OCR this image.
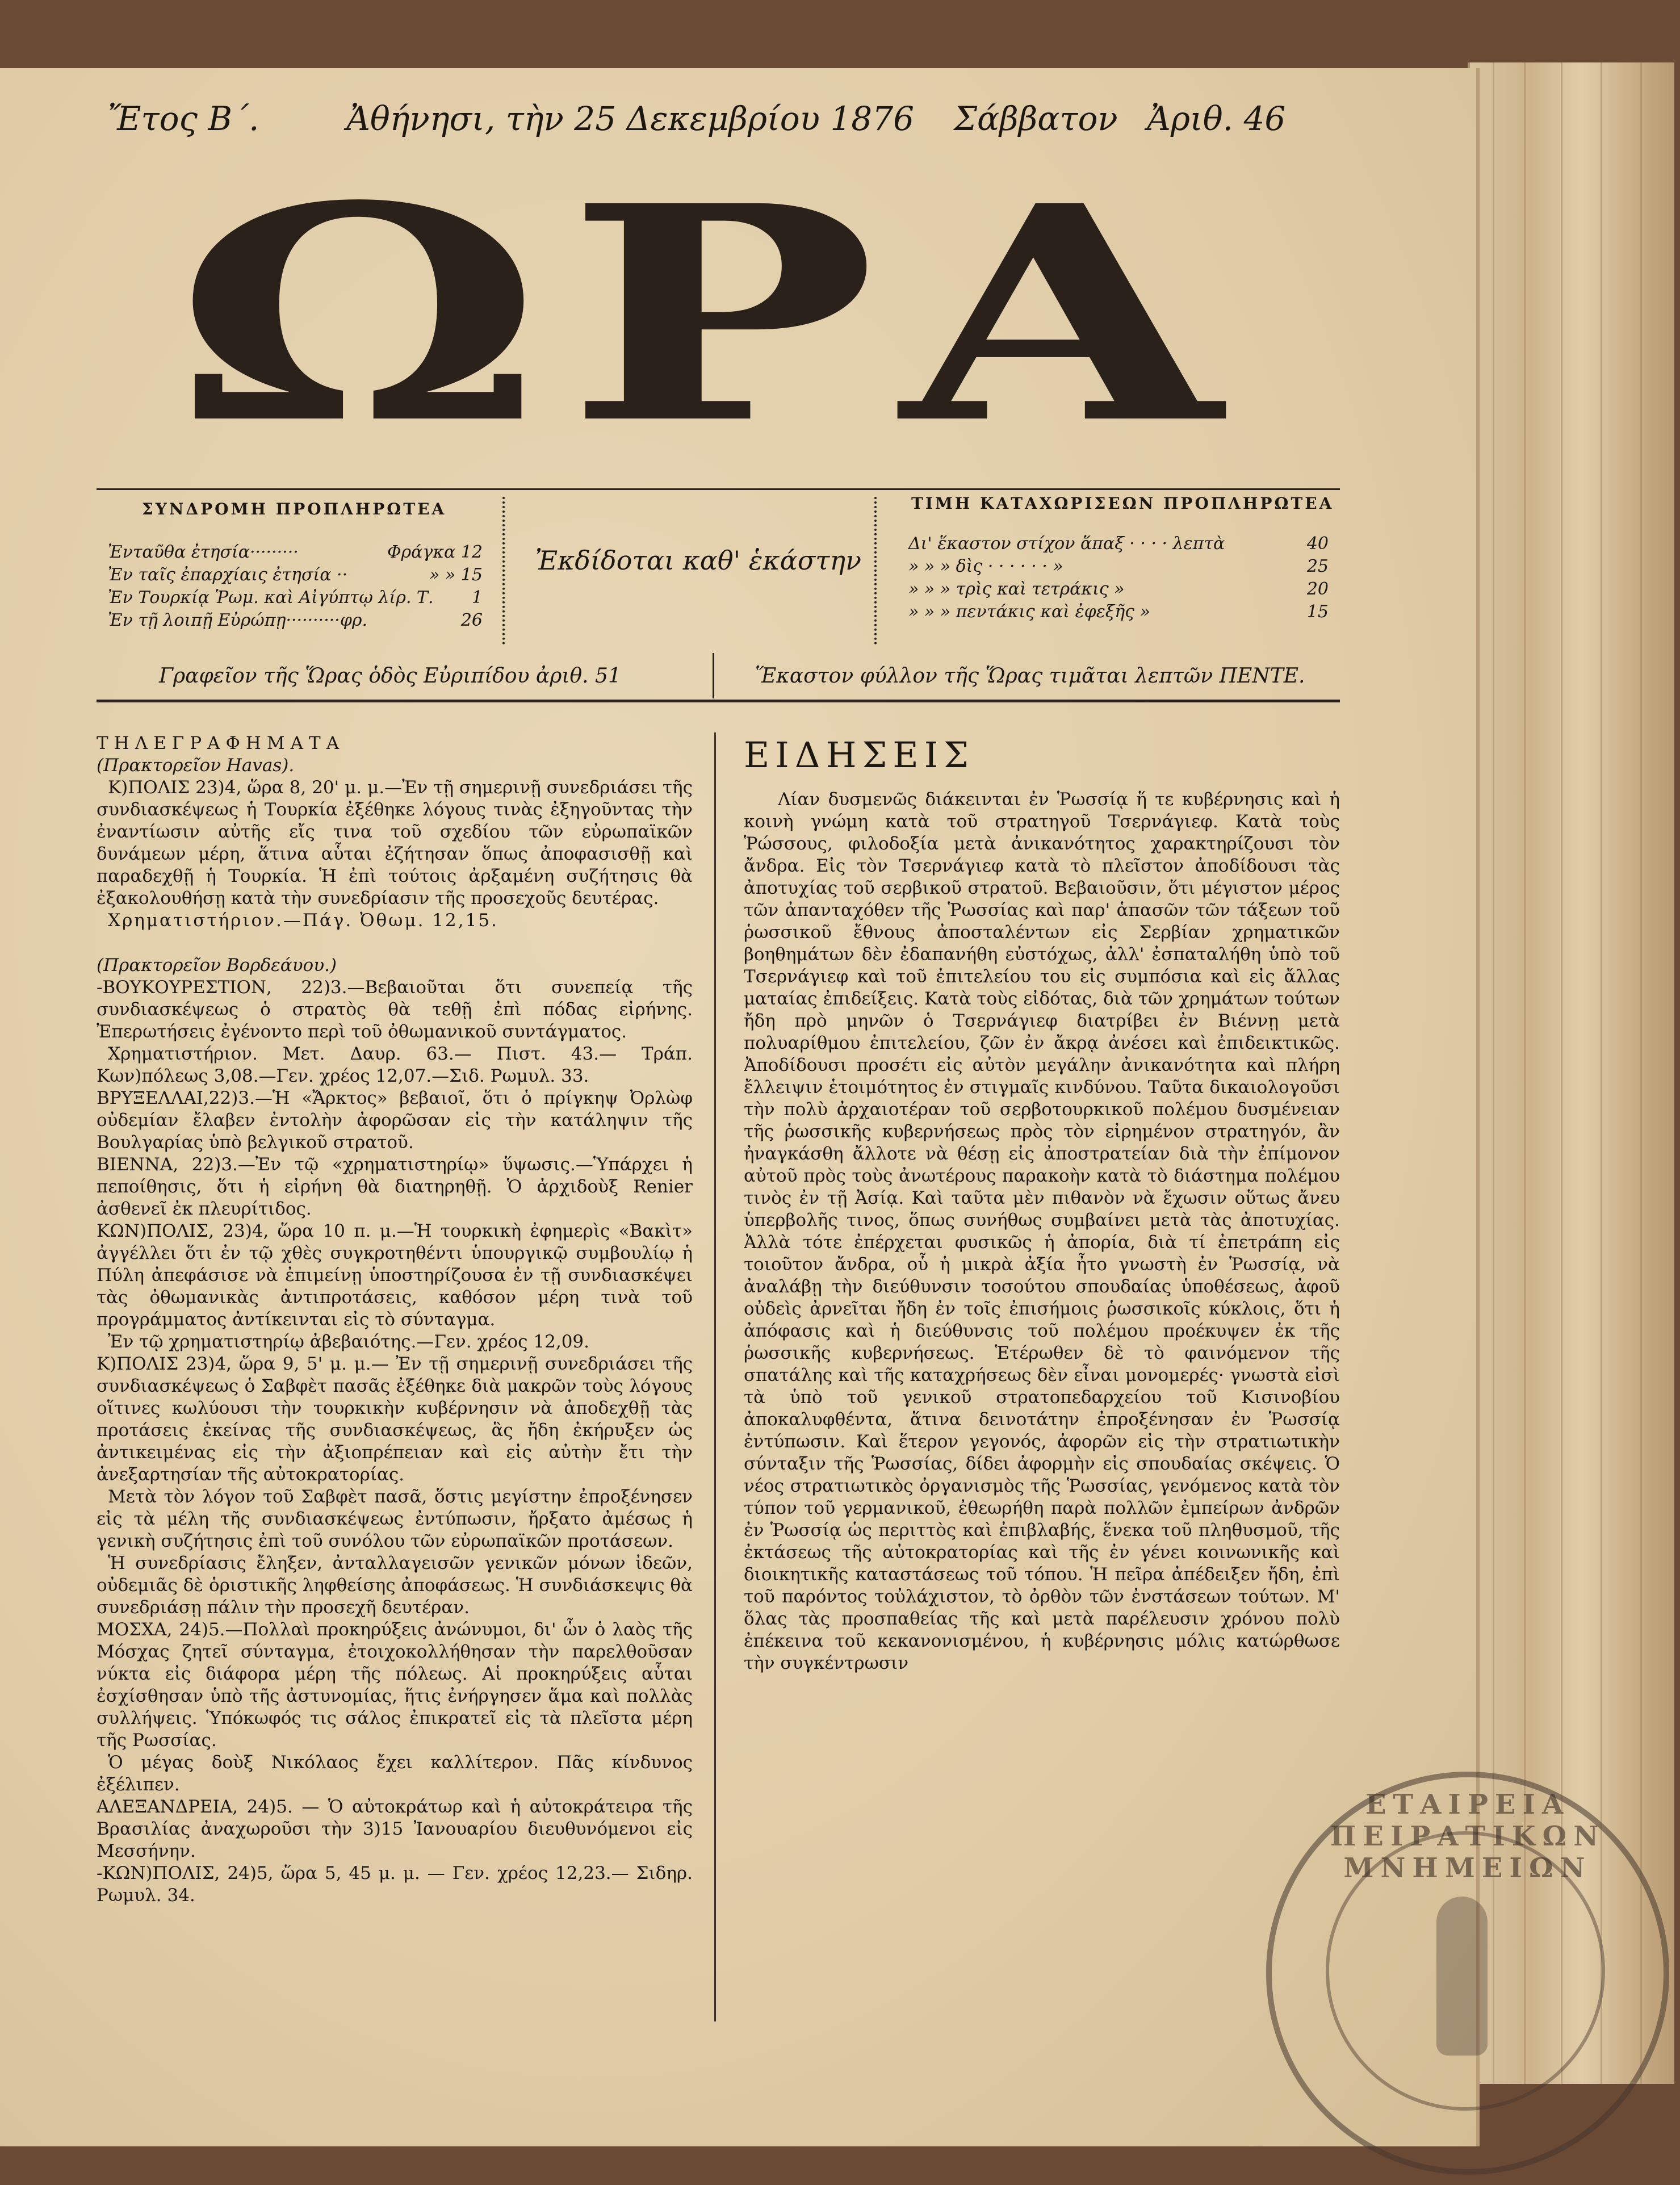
Ἔτος Β΄.	Ἀθήνησι, τὴν 25 Δεκεμβρίου 1876 Σάββατον Ἀριθ. 46
ΩΡΑ
ΣΥΝΔΡΟΜΗ ΠΡΟΠΛΗΡΩΤΕΑ
Ἐνταῦθα ἐτησία·········	Φράγκα 12
Ἐν ταῖς ἐπαρχίαις ἐτησία ··	» » 15
Ἐν Τουρκίᾳ Ῥωμ. καὶ Αἰγύπτῳ λίρ. Τ. 1
Ἐν τῇ λοιπῇ Εὐρώπῃ··········φρ.	26
Ἐκδίδοται καθ' ἑκάστην
ΤΙΜΗ ΚΑΤΑΧΩΡΙΣΕΩΝ ΠΡΟΠΛΗΡΩΤΕΑ
Δι' ἕκαστον στίχον ἅπαξ · · · · λεπτὰ	40
» » » δὶς · · · · · · »	25
» » » τρὶς καὶ τετράκις »	20
» » » πεντάκις καὶ ἐφεξῆς »	15
Γραφεῖον τῆς Ὥρας ὁδὸς Εὐριπίδου ἀριθ. 51	Ἕκαστον φύλλον τῆς Ὥρας τιμᾶται λεπτῶν ΠΕΝΤΕ.

ΤΗΛΕΓΡΑΦΗΜΑΤΑ

(Πρακτορεῖον Havas).

Κ)ΠΟΛΙΣ 23)4, ὥρα 8, 20' μ. μ.—Ἐν τῇ σημερινῇ συνεδριάσει τῆς συνδιασκέψεως ἡ Τουρκία ἐξέθηκε λόγους τινὰς ἐξηγοῦντας τὴν ἐναντίωσιν αὐτῆς εἴς τινα τοῦ σχεδίου τῶν εὐρωπαϊκῶν δυνάμεων μέρη, ἅτινα αὗται ἐζήτησαν ὅπως ἀποφασισθῇ καὶ παραδεχθῇ ἡ Τουρκία. Ἡ ἐπὶ τούτοις ἀρξαμένη συζήτησις θὰ ἐξακολουθήσῃ κατὰ τὴν συνεδρίασιν τῆς προσεχοῦς δευτέρας.

Χρηματιστήριον.—Πάγ. Ὀθωμ. 12,15.

(Πρακτορεῖον Βορδεάυου.)

-ΒΟΥΚΟΥΡΕΣΤΙΟΝ, 22)3.—Βεβαιοῦται ὅτι συνεπείᾳ τῆς συνδιασκέψεως ὁ στρατὸς θὰ τεθῇ ἐπὶ πόδας εἰρήνης. Ἐπερωτήσεις ἐγένοντο περὶ τοῦ ὀθωμανικοῦ συντάγματος.

Χρηματιστήριον. Μετ. Δαυρ. 63.— Πιστ. 43.— Τράπ. Κων)πόλεως 3,08.—Γεν. χρέος 12,07.—Σιδ. Ρωμυλ. 33.

ΒΡΥΞΕΛΛΑΙ,22)3.—Ἡ «Ἄρκτος» βεβαιοῖ, ὅτι ὁ πρίγκηψ Ὀρλὼφ οὐδεμίαν ἔλαβεν ἐντολὴν ἀφορῶσαν εἰς τὴν κατάληψιν τῆς Βουλγαρίας ὑπὸ βελγικοῦ στρατοῦ.

ΒΙΕΝΝΑ, 22)3.—Ἐν τῷ «χρηματιστηρίῳ» ὕψωσις.—Ὑπάρχει ἡ πεποίθησις, ὅτι ἡ εἰρήνη θὰ διατηρηθῇ. Ὁ ἀρχιδοὺξ Renier ἀσθενεῖ ἐκ πλευρίτιδος.

ΚΩΝ)ΠΟΛΙΣ, 23)4, ὥρα 10 π. μ.—Ἡ τουρκικὴ ἐφημερὶς «Βακὶτ» ἀγγέλλει ὅτι ἐν τῷ χθὲς συγκροτηθέντι ὑπουργικῷ συμβουλίῳ ἡ Πύλη ἀπεφάσισε νὰ ἐπιμείνῃ ὑποστηρίζουσα ἐν τῇ συνδιασκέψει τὰς ὀθωμανικὰς ἀντιπροτάσεις, καθόσον μέρη τινὰ τοῦ προγράμματος ἀντίκεινται εἰς τὸ σύνταγμα.

Ἐν τῷ χρηματιστηρίῳ ἀβεβαιότης.—Γεν. χρέος 12,09.

Κ)ΠΟΛΙΣ 23)4, ὥρα 9, 5' μ. μ.— Ἐν τῇ σημερινῇ συνεδριάσει τῆς συνδιασκέψεως ὁ Σαβφὲτ πασᾶς ἐξέθηκε διὰ μακρῶν τοὺς λόγους οἵτινες κωλύουσι τὴν τουρκικὴν κυβέρνησιν νὰ ἀποδεχθῇ τὰς προτάσεις ἐκείνας τῆς συνδιασκέψεως, ἃς ἤδη ἐκήρυξεν ὡς ἀντικειμένας εἰς τὴν ἀξιοπρέπειαν καὶ εἰς αὐτὴν ἔτι τὴν ἀνεξαρτησίαν τῆς αὐτοκρατορίας.

Μετὰ τὸν λόγον τοῦ Σαβφὲτ πασᾶ, ὅστις μεγίστην ἐπροξένησεν εἰς τὰ μέλη τῆς συνδιασκέψεως ἐντύπωσιν, ἤρξατο ἀμέσως ἡ γενικὴ συζήτησις ἐπὶ τοῦ συνόλου τῶν εὐρωπαϊκῶν προτάσεων.

Ἡ συνεδρίασις ἔληξεν, ἀνταλλαγεισῶν γενικῶν μόνων ἰδεῶν, οὐδεμιᾶς δὲ ὁριστικῆς ληφθείσης ἀποφάσεως. Ἡ συνδιάσκεψις θὰ συνεδριάσῃ πάλιν τὴν προσεχῆ δευτέραν.

ΜΟΣΧΑ, 24)5.—Πολλαὶ προκηρύξεις ἀνώνυμοι, δι' ὧν ὁ λαὸς τῆς Μόσχας ζητεῖ σύνταγμα, ἐτοιχοκολλήθησαν τὴν παρελθοῦσαν νύκτα εἰς διάφορα μέρη τῆς πόλεως. Αἱ προκηρύξεις αὗται ἐσχίσθησαν ὑπὸ τῆς ἀστυνομίας, ἥτις ἐνήργησεν ἅμα καὶ πολλὰς συλλήψεις. Ὑπόκωφός τις σάλος ἐπικρατεῖ εἰς τὰ πλεῖστα μέρη τῆς Ρωσσίας.

Ὁ μέγας δοὺξ Νικόλαος ἔχει καλλίτερον. Πᾶς κίνδυνος ἐξέλιπεν.

ΑΛΕΞΑΝΔΡΕΙΑ, 24)5. — Ὁ αὐτοκράτωρ καὶ ἡ αὐτοκράτειρα τῆς Βρασιλίας ἀναχωροῦσι τὴν 3)15 Ἰανουαρίου διευθυνόμενοι εἰς Μεσσήνην.

-ΚΩΝ)ΠΟΛΙΣ, 24)5, ὥρα 5, 45 μ. μ. — Γεν. χρέος 12,23.— Σιδηρ. Ρωμυλ. 34.

ΕΙΔΗΣΕΙΣ

Λίαν δυσμενῶς διάκεινται ἐν Ῥωσσίᾳ ἥ τε κυβέρνησις καὶ ἡ κοινὴ γνώμη κατὰ τοῦ στρατηγοῦ Τσερνάγιεφ. Κατὰ τοὺς Ῥώσσους, φιλοδοξία μετὰ ἀνικανότητος χαρακτηρίζουσι τὸν ἄνδρα. Εἰς τὸν Τσερνάγιεφ κατὰ τὸ πλεῖστον ἀποδίδουσι τὰς ἀποτυχίας τοῦ σερβικοῦ στρατοῦ. Βεβαιοῦσιν, ὅτι μέγιστον μέρος τῶν ἀπανταχόθεν τῆς Ῥωσσίας καὶ παρ' ἁπασῶν τῶν τάξεων τοῦ ῥωσσικοῦ ἔθνους ἀποσταλέντων εἰς Σερβίαν χρηματικῶν βοηθημάτων δὲν ἐδαπανήθη εὐστόχως, ἀλλ' ἐσπαταλήθη ὑπὸ τοῦ Τσερνάγιεφ καὶ τοῦ ἐπιτελείου του εἰς συμπόσια καὶ εἰς ἄλλας ματαίας ἐπιδείξεις. Κατὰ τοὺς εἰδότας, διὰ τῶν χρημάτων τούτων ἤδη πρὸ μηνῶν ὁ Τσερνάγιεφ διατρίβει ἐν Βιέννῃ μετὰ πολυαρίθμου ἐπιτελείου, ζῶν ἐν ἄκρᾳ ἀνέσει καὶ ἐπιδεικτικῶς. Ἀποδίδουσι προσέτι εἰς αὐτὸν μεγάλην ἀνικανότητα καὶ πλήρη ἔλλειψιν ἑτοιμότητος ἐν στιγμαῖς κινδύνου. Ταῦτα δικαιολογοῦσι τὴν πολὺ ἀρχαιοτέραν τοῦ σερβοτουρκικοῦ πολέμου δυσμένειαν τῆς ῥωσσικῆς κυβερνήσεως πρὸς τὸν εἰρημένον στρατηγόν, ἂν ἠναγκάσθη ἄλλοτε νὰ θέσῃ εἰς ἀποστρατείαν διὰ τὴν ἐπίμονον αὐτοῦ πρὸς τοὺς ἀνωτέρους παρακοὴν κατὰ τὸ διάστημα πολέμου τινὸς ἐν τῇ Ἀσίᾳ. Καὶ ταῦτα μὲν πιθανὸν νὰ ἔχωσιν οὕτως ἄνευ ὑπερβολῆς τινος, ὅπως συνήθως συμβαίνει μετὰ τὰς ἀποτυχίας. Ἀλλὰ τότε ἐπέρχεται φυσικῶς ἡ ἀπορία, διὰ τί ἐπετράπη εἰς τοιοῦτον ἄνδρα, οὗ ἡ μικρὰ ἀξία ἦτο γνωστὴ ἐν Ῥωσσίᾳ, νὰ ἀναλάβῃ τὴν διεύθυνσιν τοσούτου σπουδαίας ὑποθέσεως, ἀφοῦ οὐδεὶς ἀρνεῖται ἤδη ἐν τοῖς ἐπισήμοις ῥωσσικοῖς κύκλοις, ὅτι ἡ ἀπόφασις καὶ ἡ διεύθυνσις τοῦ πολέμου προέκυψεν ἐκ τῆς ῥωσσικῆς κυβερνήσεως. Ἑτέρωθεν δὲ τὸ φαινόμενον τῆς σπατάλης καὶ τῆς καταχρήσεως δὲν εἶναι μονομερές· γνωστὰ εἰσὶ τὰ ὑπὸ τοῦ γενικοῦ στρατοπεδαρχείου τοῦ Κισινοβίου ἀποκαλυφθέντα, ἅτινα δεινοτάτην ἐπροξένησαν ἐν Ῥωσσίᾳ ἐντύπωσιν. Καὶ ἕτερον γεγονός, ἀφορῶν εἰς τὴν στρατιωτικὴν σύνταξιν τῆς Ῥωσσίας, δίδει ἀφορμὴν εἰς σπουδαίας σκέψεις. Ὁ νέος στρατιωτικὸς ὀργανισμὸς τῆς Ῥωσσίας, γενόμενος κατὰ τὸν τύπον τοῦ γερμανικοῦ, ἐθεωρήθη παρὰ πολλῶν ἐμπείρων ἀνδρῶν ἐν Ῥωσσίᾳ ὡς περιττὸς καὶ ἐπιβλαβής, ἕνεκα τοῦ πληθυσμοῦ, τῆς ἐκτάσεως τῆς αὐτοκρατορίας καὶ τῆς ἐν γένει κοινωνικῆς καὶ διοικητικῆς καταστάσεως τοῦ τόπου. Ἡ πεῖρα ἀπέδειξεν ἤδη, ἐπὶ τοῦ παρόντος τοὐλάχιστον, τὸ ὀρθὸν τῶν ἐνστάσεων τούτων. Μ' ὅλας τὰς προσπαθείας τῆς καὶ μετὰ παρέλευσιν χρόνου πολὺ ἐπέκεινα τοῦ κεκανονισμένου, ἡ κυβέρνησις μόλις κατώρθωσε τὴν συγκέντρωσιν

ΕΤΑΙΡΕΙΑ ΠΕΙΡΑΤΙΚΩΝ ΜΝΗΜΕΙΩΝ
